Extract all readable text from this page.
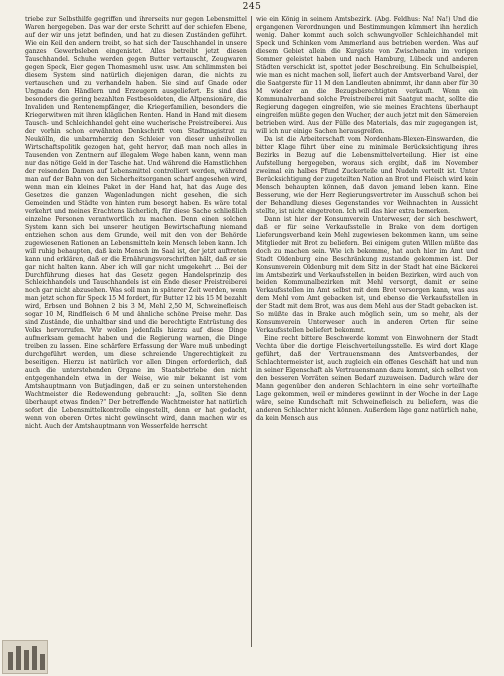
245

triebe zur Selbsthilfe gegriffen und ihrerseits nur gegen Lebensmittel Waren hergegeben. Das war der erste Schritt auf der schiefen Ebene, auf der wir uns jetzt befinden, und hat zu diesen Zuständen geführt. Wie ein Keil den andern treibt, so hat sich der Tauschhandel in unsere ganzes Gewerbsleben eingenistet. Alles betreibt jetzt diesen Tauschhandel. Schuhe werden gegen Butter vertauscht, Zeugwaren gegen Speck, Eier gegen Thomasmehl usw. usw. Am schlimmsten bei diesem System sind natürlich diejenigen daran, die nichts zu vertauschen und zu verhandeln haben. Sie sind auf Gnade oder Ungnade den Händlern und Erzeugern ausgeliefert. Es sind das besonders die gering bezahlten Festbesoldeten, die Altpensionäre, die Invaliden und Rentenempfänger, die Kriegerfamilien, besonders die Kriegerwitwen mit ihren kläglichen Renten. Hand in Hand mit diesem Tausch- und Schleichhandel geht eine wucherische Preistreiberei. Aus der vorhin schon erwähnten Denkschrift vom Stadtmagistrat zu Neukölln, die unbarmherzig den Schleier von dieser unheilvollen Wirtschaftspolitik gezogen hat, geht hervor, daß man noch alles in Tausenden von Zentnern auf illegalem Wege haben kann, wenn man nur das nötige Geld in der Tasche hat. Und während die Hamstlichhen der reisenden Damen auf Lebensmittel controlliert werden, während man auf der Bahn von den Sicherheitsorganen scharf angesehen wird, wenn man ein kleines Paket in der Hand hat, hat das Auge des Gesetzes die ganzen Wagenladungen nicht gesehen, die sich Gemeinden und Städte von hinten rum besorgt haben. Es wäre total verkehrt und meines Erachtens lächerlich, für diese Sache schließlich einzelne Personen verantwortlich zu machen. Denn einen solchen System kann sich bei unserer heutigen Bewirtschaftung niemand entziehen schon aus dem Grunde, weil mit den von der Behörde zugewiesenen Rationen an Lebensmitteln kein Mensch leben kann. Ich will ruhig behaupten, daß kein Mensch im Saal ist, der jetzt auftreten kann und erklären, daß er die Ernährungsvorschriften hält, daß er sie gar nicht halten kann. Aber ich will gar nicht umgekehrt ... Bei der Durchführung dieses hat das Gesetz gegen Handelsprinzip des Schleichhandels und Tauschhandels ist ein Ende dieser Preistreiberei noch gar nicht abzusehen. Was soll man in späterer Zeit werden, wenn man jetzt schon für Speck 15 M fordert, für Butter 12 bis 15 M bezahlt wird, Erbsen und Bohnen 2 bis 3 M, Mehl 2,50 M, Schweinefleisch sogar 10 M, Rindfleisch 6 M und ähnliche schöne Preise mehr. Das sind Zustände, die unhaltbar sind und die berechtigte Entrüstung des Volks hervorrufen. Wir wollen jedenfalls hierzu auf diese Dinge aufmerksam gemacht haben und die Regierung warnen, die Dinge treiben zu lassen. Eine schärfere Erfassung der Ware muß unbedingt durchgeführt werden, um diese schreiende Ungerechtigkeit zu beseitigen. Hierzu ist natürlich vor allen Dingen erforderlich, daß auch die unterstehenden Organe im Staatsbetriebe den nicht entgegenhandeln etwa in der Weise, wie mir bekannt ist vom Amtshauptmann von Butjadingen, daß er zu seinen unterstehenden Wachtmeister die Redewendung gebraucht: „Ja, sollten Sie denn überhaupt etwas finden?“ Der betreffende Wachtmeister hat natürlich sofort die Lebensmittelkontrolle eingestellt, denn er hat gedacht, wenn von oberen Ortes nicht gewünscht wird, dann machen wir es nicht. Auch der Amtshauptmann von Wesserfelde herrscht

wie ein König in seinem Amtsbezirk. (Abg. Feldhus: Na! Na!) Und die ergangenen Verordnungen und Bestimmungen kümmert ihn herzlich wenig. Daher kommt auch solch schwungvoller Schleichhandel mit Speck und Schinken vom Ammerland aus betrieben werden. Was auf diesem Gebiet allein die Kurgäste von Zwischenahn im vorigen Sommer geleistet haben und nach Hamburg, Lübeck und anderen Städten verschickt ist, spottet jeder Beschreibung. Ein Schulbeispiel, wie man es nicht machen soll, liefert auch der Amtsverband Varel, der die Saatgerste für 11 M den Landleuten abnimmt, ihr dann aber für 30 M wieder an die Bezugsberechtigten verkauft. Wenn ein Kommunalverband solche Preistreiberei mit Saatgut macht, sollte die Regierung dagegen eingreifen, wie sie meines Erachtens überhaupt eingreifen müßte gegen den Wucher, der auch jetzt mit den Sämereien betrieben wird. Aus der Fülle des Materials, das mir zugegangen ist, will ich nur einige Sachen herausgreifen.

Da ist die Arbeiterschaft vom Nordenham-Blexen-Einswarden, die bitter Klage führt über eine zu minimale Berücksichtigung ihres Bezirks in Bezug auf die Lebensmittelverteilung. Hier ist eine Aufstellung hergegeben, woraus sich ergibt, daß im November zweimal ein halbes Pfund Zuckerteile und Nudeln verteilt ist. Unter Berücksichtigung der zugeteilten Nation an Brot und Fleisch wird kein Mensch behaupten können, daß davon jemand leben kann. Eine Besserung, wie der Herr Regierungsvertreter im Ausschuß schon bei der Behandlung dieses Gegenstandes vor Weihnachten in Aussicht stellte, ist nicht eingetreten. Ich will das hier extra bemerken.

Dann ist hier der Konsumverein Unterweser, der sich beschwert, daß er für seine Verkaufsstelle in Brake von dem dortigen Lieferungsverband kein Mehl zugewiesen bekommen kann, um seine Mitglieder mit Brot zu beliefern. Bei einigem guten Willen müßte das doch zu machen sein. Wie ich bekomme, hat auch hier im Amt und Stadt Oldenburg eine Beschränkung zustande gekommen ist. Der Konsumverein Oldenburg mit dem Sitz in der Stadt hat eine Bäckerei im Amtsbezirk und Verkaufsstellen in beiden Bezirken, wird auch von beiden Kommunalbezirken mit Mehl versorgt, damit er seine Verkaufsstellen im Amt selbst mit dem Brot versorgen kann, was aus dem Mehl vom Amt gebacken ist, und ebenso die Verkaufsstellen in der Stadt mit dem Brot, was aus dem Mehl aus der Stadt gebacken ist. So müßte das in Brake auch möglich sein, um so mehr, als der Konsumverein Unterweser auch in anderen Orten für seine Verkaufsstellen beliefert bekommt.

Eine recht bittere Beschwerde kommt von Einwohnern der Stadt Vechta über die dortige Fleischverteilungsstelle. Es wird dort Klage geführt, daß der Vertrauensmann des Amtsverbandes, der Schlachtermeister ist, auch zugleich ein offenes Geschäft hat und nun in seiner Eigenschaft als Vertrauensmann dazu kommt, sich selbst von den besseren Vorräten seinen Bedarf zuzuweisen. Dadurch wäre der Mann gegenüber den anderen Schlachtern in eine sehr vorteilhafte Lage gekommen, weil er minderes gewiinnt in der Woche in der Lage wäre, seine Kundschaft mit Schweinefleisch zu beliefern, was die anderen Schlachter nicht können. Außerdem läge ganz natürlich nahe, da kein Mensch aus
